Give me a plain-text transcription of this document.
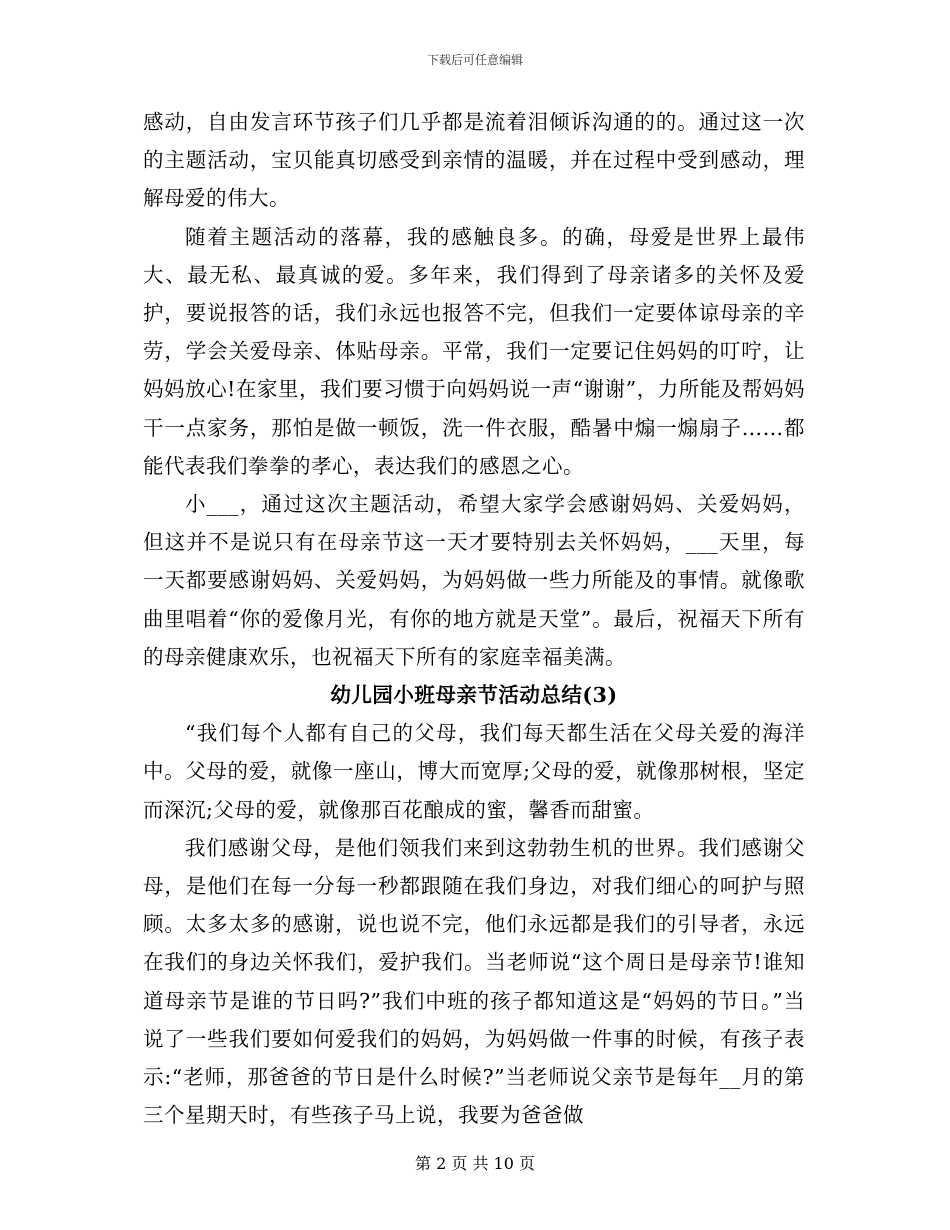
下载后可任意编辑

感动，自由发言环节孩子们几乎都是流着泪倾诉沟通的的。通过这一次的主题活动，宝贝能真切感受到亲情的温暖，并在过程中受到感动，理解母爱的伟大。

随着主题活动的落幕，我的感触良多。的确，母爱是世界上最伟大、最无私、最真诚的爱。多年来，我们得到了母亲诸多的关怀及爱护，要说报答的话，我们永远也报答不完，但我们一定要体谅母亲的辛劳，学会关爱母亲、体贴母亲。平常，我们一定要记住妈妈的叮咛，让妈妈放心!在家里，我们要习惯于向妈妈说一声“谢谢”，力所能及帮妈妈干一点家务，那怕是做一顿饭，洗一件衣服，酷暑中煽一煽扇子……都能代表我们拳拳的孝心，表达我们的感恩之心。

小___，通过这次主题活动，希望大家学会感谢妈妈、关爱妈妈，但这并不是说只有在母亲节这一天才要特别去关怀妈妈，___天里，每一天都要感谢妈妈、关爱妈妈，为妈妈做一些力所能及的事情。就像歌曲里唱着“你的爱像月光，有你的地方就是天堂”。最后，祝福天下所有的母亲健康欢乐，也祝福天下所有的家庭幸福美满。

幼儿园小班母亲节活动总结(3)

“我们每个人都有自己的父母，我们每天都生活在父母关爱的海洋中。父母的爱，就像一座山，博大而宽厚;父母的爱，就像那树根，坚定而深沉;父母的爱，就像那百花酿成的蜜，馨香而甜蜜。

我们感谢父母，是他们领我们来到这勃勃生机的世界。我们感谢父母，是他们在每一分每一秒都跟随在我们身边，对我们细心的呵护与照顾。太多太多的感谢，说也说不完，他们永远都是我们的引导者，永远在我们的身边关怀我们，爱护我们。当老师说“这个周日是母亲节!谁知道母亲节是谁的节日吗?”我们中班的孩子都知道这是“妈妈的节日。”当说了一些我们要如何爱我们的妈妈，为妈妈做一件事的时候，有孩子表示:“老师，那爸爸的节日是什么时候?”当老师说父亲节是每年__月的第三个星期天时，有些孩子马上说，我要为爸爸做

第 2 页 共 10 页
